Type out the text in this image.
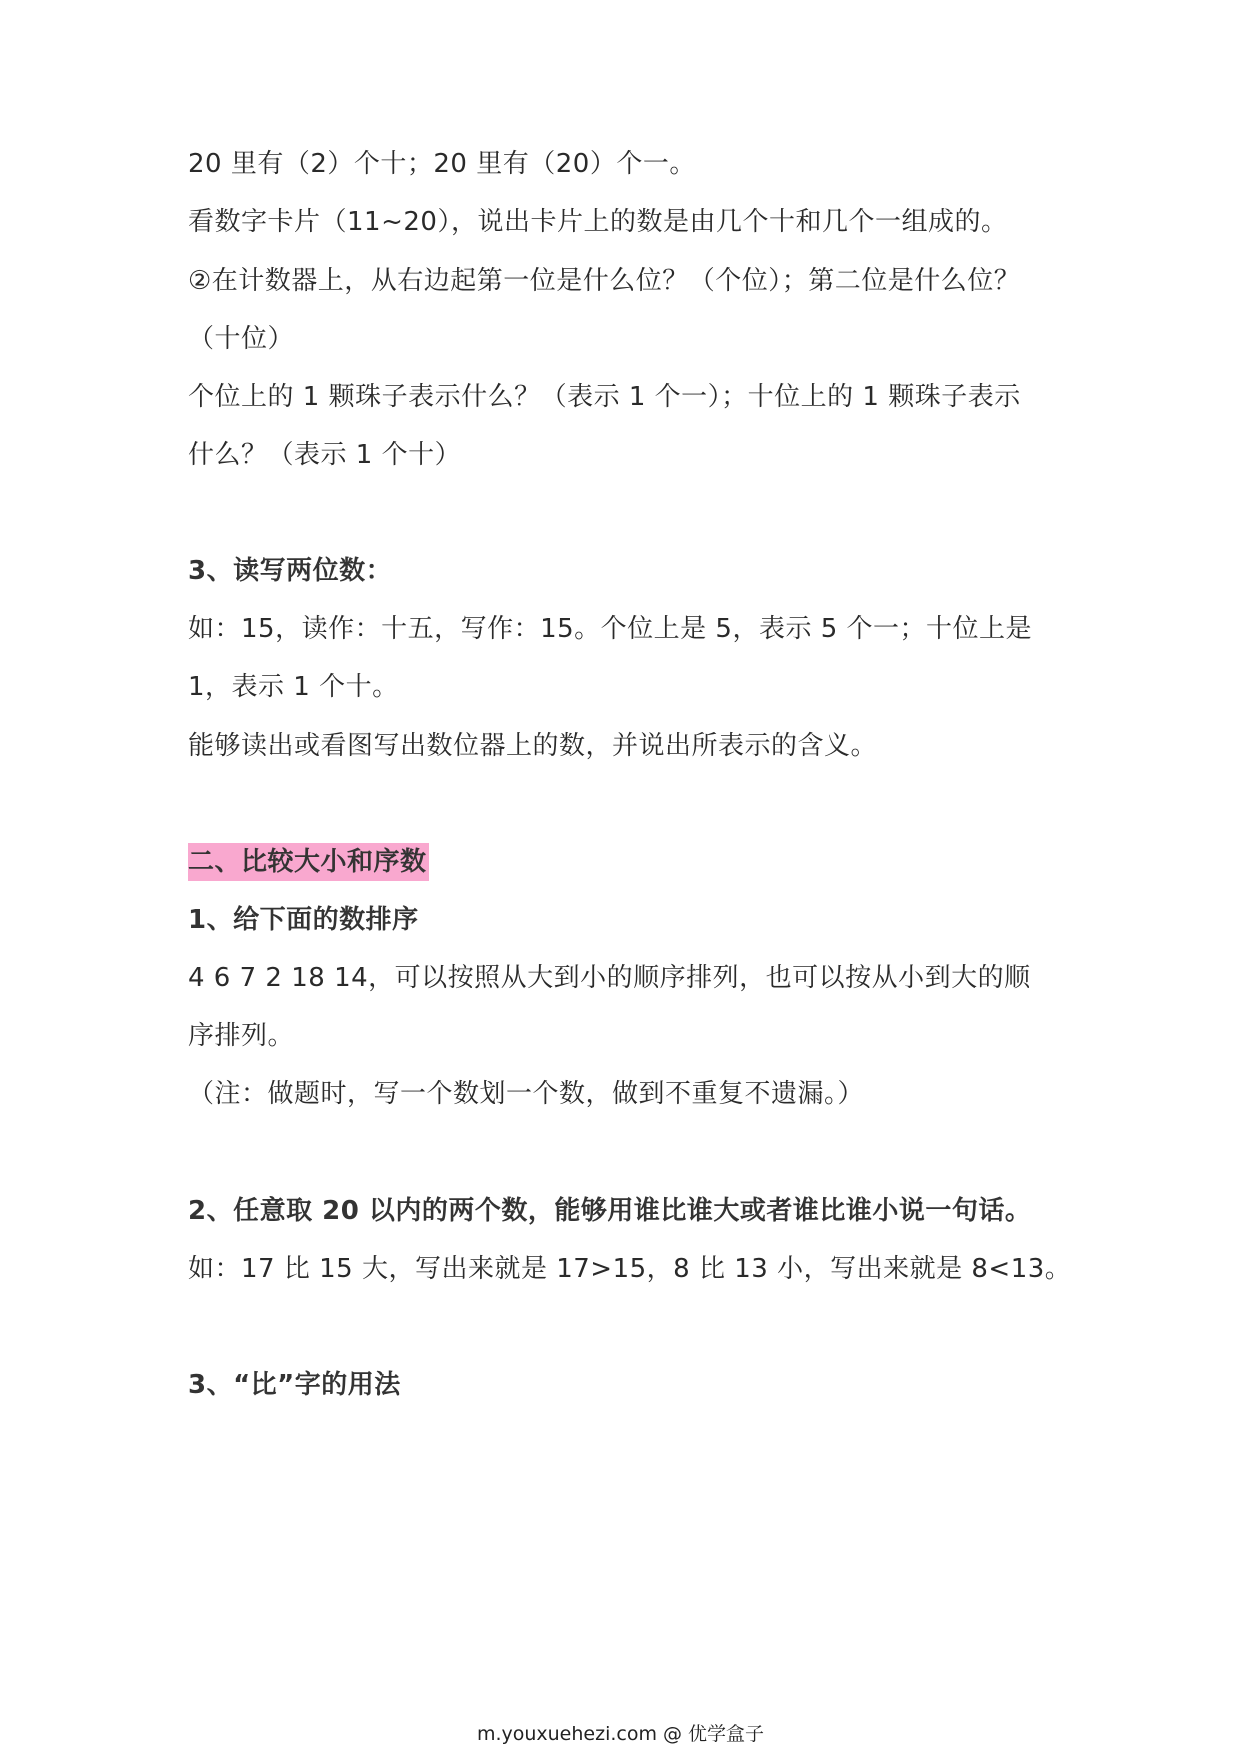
20 里有（2）个十；20 里有（20）个一。
看数字卡片（11~20），说出卡片上的数是由几个十和几个一组成的。
②在计数器上，从右边起第一位是什么位？（个位）；第二位是什么位？
（十位）
个位上的 1 颗珠子表示什么？（表示 1 个一）；十位上的 1 颗珠子表示
什么？（表示 1 个十）
3、读写两位数：
如：15，读作：十五，写作：15。个位上是 5，表示 5 个一；十位上是
1，表示 1 个十。
能够读出或看图写出数位器上的数，并说出所表示的含义。
二、比较大小和序数
1、给下面的数排序
4 6 7 2 18 14，可以按照从大到小的顺序排列，也可以按从小到大的顺
序排列。
（注：做题时，写一个数划一个数，做到不重复不遗漏。）
2、任意取 20 以内的两个数，能够用谁比谁大或者谁比谁小说一句话。
如：17 比 15 大，写出来就是 17>15，8 比 13 小，写出来就是 8<13。
3、“比”字的用法
m.youxuehezi.com @ 优学盒子
